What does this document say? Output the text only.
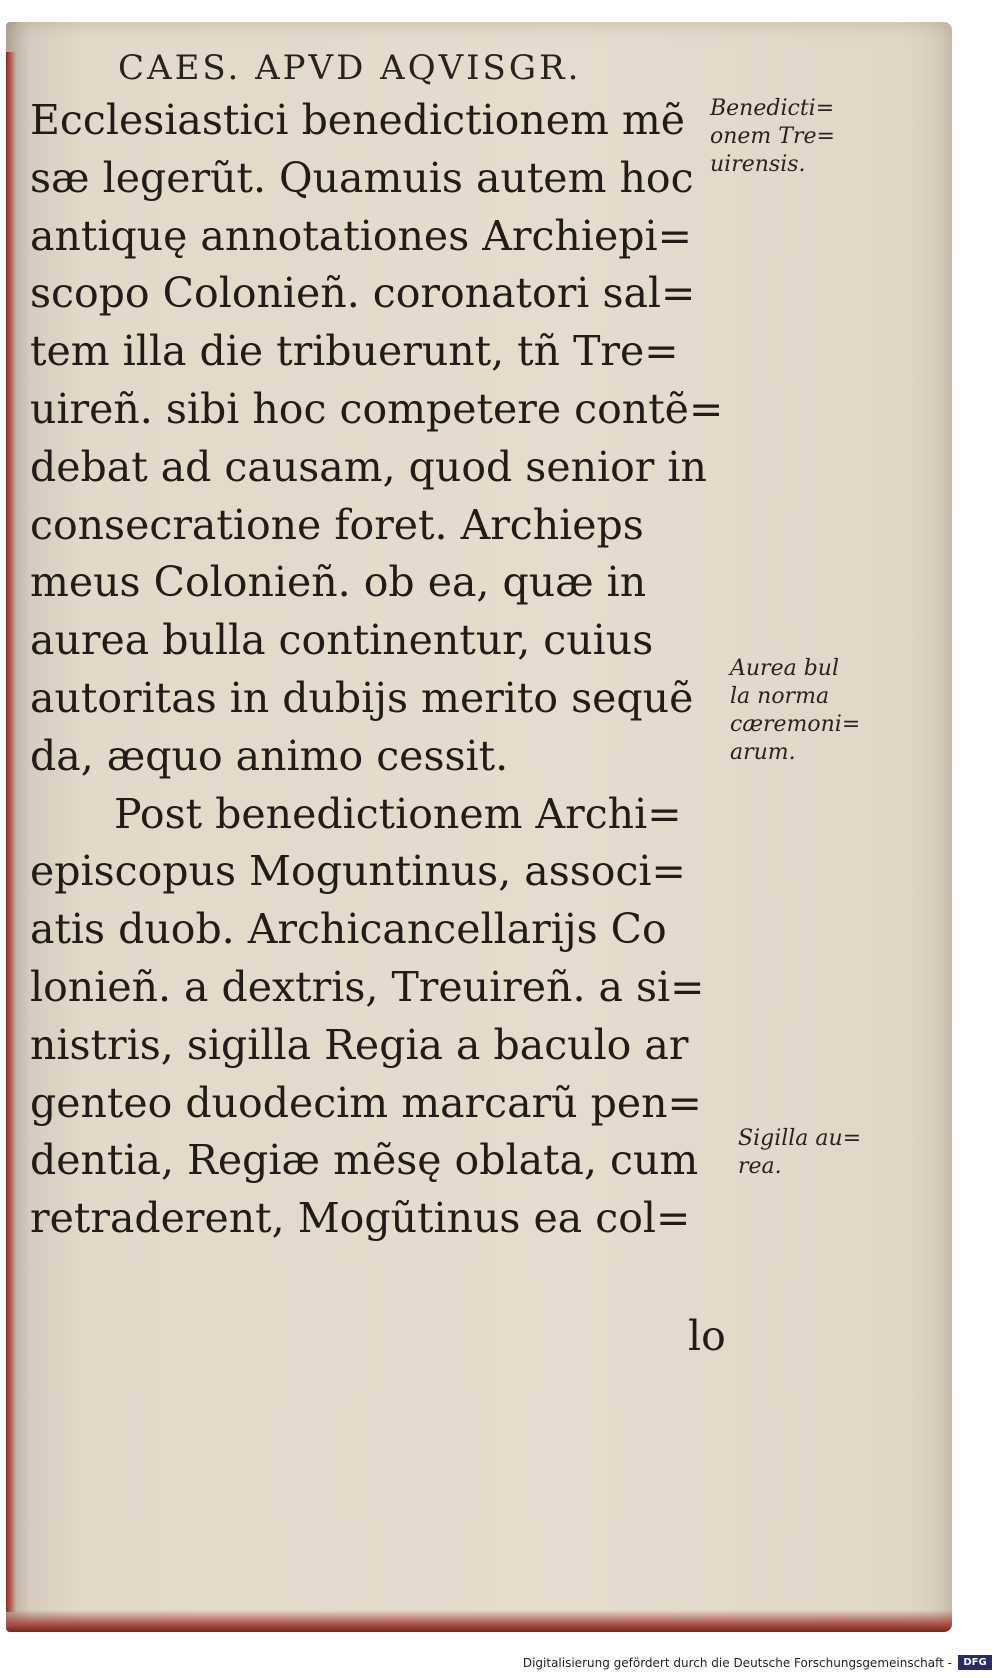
CAES. APVD AQVISGR.
Ecclesiastici benedictionem mẽ
sæ legerũt. Quamuis autem hoc
antiquę annotationes Archiepi=
scopo Colonieñ. coronatori sal=
tem illa die tribuerunt, tñ Tre=
uireñ. sibi hoc competere contẽ=
debat ad causam, quod senior in
consecratione foret. Archieps
meus Colonieñ. ob ea, quæ in
aurea bulla continentur, cuius
autoritas in dubijs merito sequẽ
da, æquo animo cessit.
Post benedictionem Archi=
episcopus Moguntinus, associ=
atis duob. Archicancellarijs Co
lonieñ. a dextris, Treuireñ. a si=
nistris, sigilla Regia a baculo ar
genteo duodecim marcarũ pen=
dentia, Regiæ mẽsę oblata, cum
retraderent, Mogũtinus ea col=
lo
Benedicti=
onem Tre=
uirensis.
Aurea bul
la norma
cæremoni=
arum.
Sigilla au=
rea.
Digitalisierung gefördert durch die Deutsche Forschungsgemeinschaft -	DFG
